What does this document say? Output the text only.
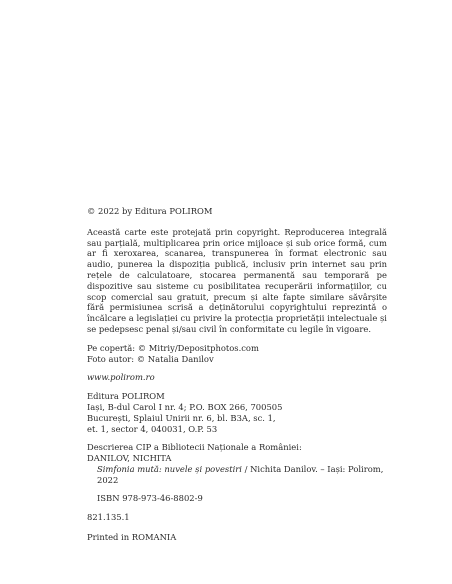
© 2022 by Editura POLIROM

Această carte este protejată prin copyright. Reproducerea integrală sau parțială, multiplicarea prin orice mijloace și sub orice formă, cum ar fi xeroxarea, scanarea, transpunerea în format electronic sau audio, punerea la dispoziția publică, inclusiv prin internet sau prin rețele de calculatoare, stocarea permanentă sau temporară pe dispozitive sau sisteme cu posibilitatea recuperării informațiilor, cu scop comercial sau gratuit, precum și alte fapte similare săvârșite fără permisiunea scrisă a deținătorului copyrightului reprezintă o încălcare a legislației cu privire la protecția proprietății intelectuale și se pedepsesc penal și/sau civil în conformitate cu legile în vigoare.

Pe copertă: © Mitriy/Depositphotos.com
Foto autor: © Natalia Danilov
www.polirom.ro
Editura POLIROM
Iași, B-dul Carol I nr. 4; P.O. BOX 266, 700505
București, Splaiul Unirii nr. 6, bl. B3A, sc. 1,
et. 1, sector 4, 040031, O.P. 53
Descrierea CIP a Bibliotecii Naționale a României:
DANILOV, NICHITA
Simfonia mută: nuvele și povestiri / Nichita Danilov. – Iași: Polirom,
2022
ISBN 978-973-46-8802-9
821.135.1
Printed in ROMANIA
